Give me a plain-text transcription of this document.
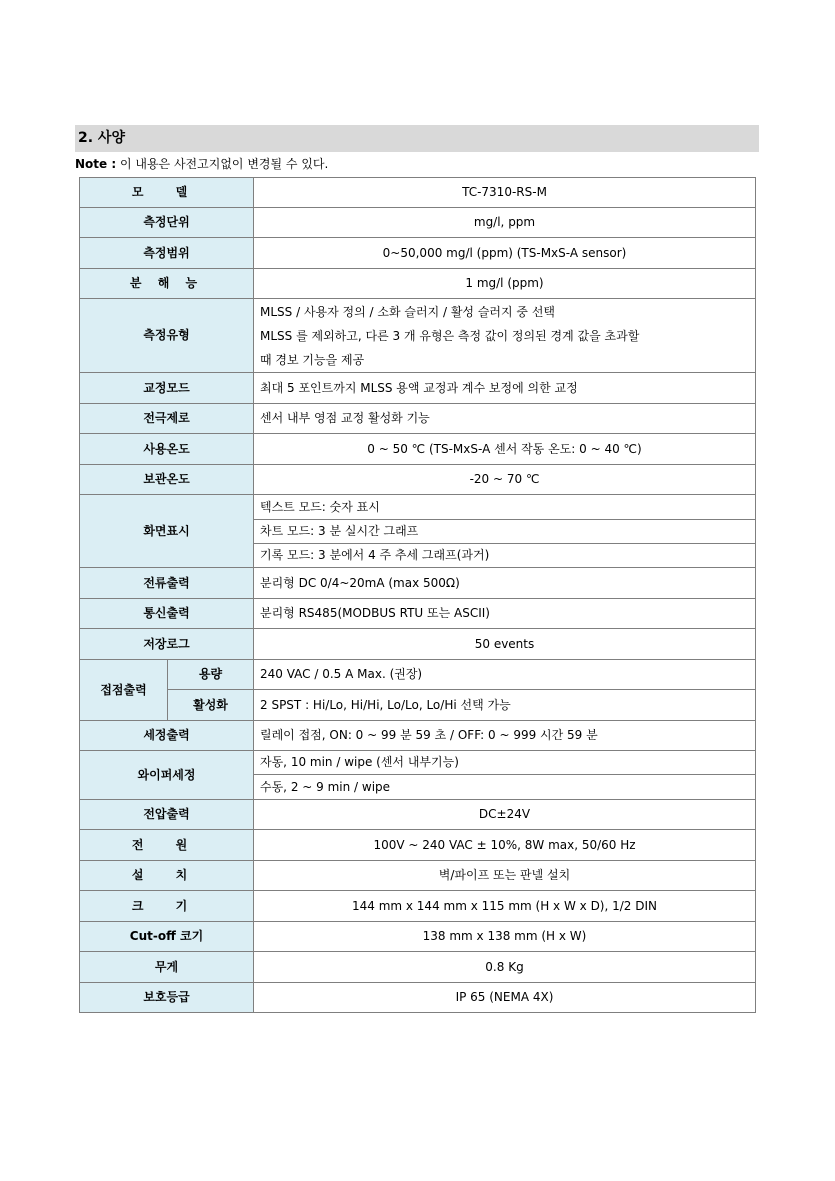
2. 사양
Note : 이 내용은 사전고지없이 변경될 수 있다.
모 델		TC-7310-RS-M
측정단위		mg/l, ppm
측정범위		0~50,000 mg/l (ppm) (TS-MxS-A sensor)
분 해 능		1 mg/l (ppm)
측정유형		MLSS / 사용자 정의 / 소화 슬러지 / 활성 슬러지 중 선택
MLSS 를 제외하고, 다른 3 개 유형은 측정 값이 정의된 경계 값을 초과할
때 경보 기능을 제공

교정모드		최대 5 포인트까지 MLSS 용액 교정과 계수 보정에 의한 교정
전극제로		센서 내부 영점 교정 활성화 기능
사용온도		0 ~ 50 ℃ (TS-MxS-A 센서 작동 온도: 0 ~ 40 ℃)
보관온도		-20 ~ 70 ℃
화면표시		텍스트 모드: 숫자 표시
		차트 모드: 3 분 실시간 그래프
		기록 모드: 3 분에서 4 주 추세 그래프(과거)
전류출력		분리형 DC 0/4~20mA (max 500Ω)
통신출력		분리형 RS485(MODBUS RTU 또는 ASCII)
저장로그		50 events
접점출력	용량	240 VAC / 0.5 A Max. (권장)
	활성화	2 SPST : Hi/Lo, Hi/Hi, Lo/Lo, Lo/Hi 선택 가능
세정출력		릴레이 접점, ON: 0 ~ 99 분 59 초 / OFF: 0 ~ 999 시간 59 분
와이퍼세정		자동, 10 min / wipe (센서 내부기능)
		수동, 2 ~ 9 min / wipe
전압출력		DC±24V
전 원		100V ~ 240 VAC ± 10%, 8W max, 50/60 Hz
설 치		벽/파이프 또는 판넬 설치
크 기		144 mm x 144 mm x 115 mm (H x W x D), 1/2 DIN
Cut-off 코기		138 mm x 138 mm (H x W)
무게		0.8 Kg
보호등급		IP 65 (NEMA 4X)
